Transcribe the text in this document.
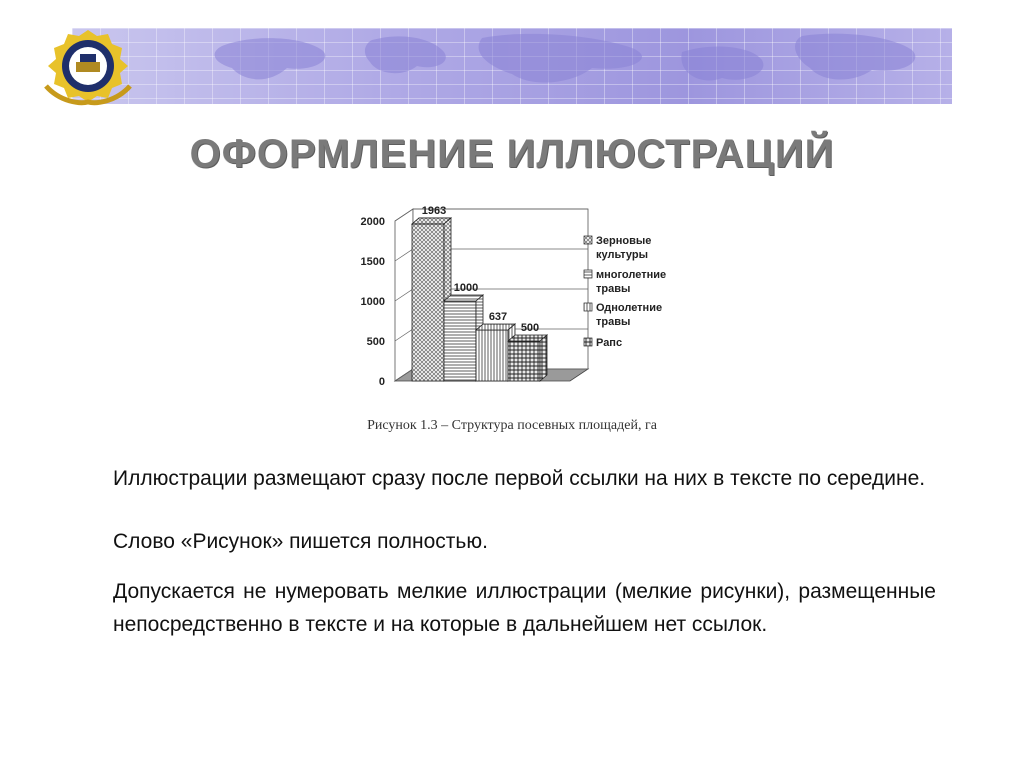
ОФОРМЛЕНИЕ ИЛЛЮСТРАЦИЙ
0
500
1000
1500
2000
1963
1000
637
500
Зерновые культуры
многолетние травы
Однолетние травы
Рапс
Рисунок 1.3 – Структура посевных площадей, га
Иллюстрации размещают сразу после первой ссылки на них в тексте по середине.
Слово «Рисунок» пишется полностью.
Допускается не нумеровать мелкие иллюстрации (мелкие рисунки), размещенные непосредственно в тексте и на которые в дальнейшем нет ссылок.
